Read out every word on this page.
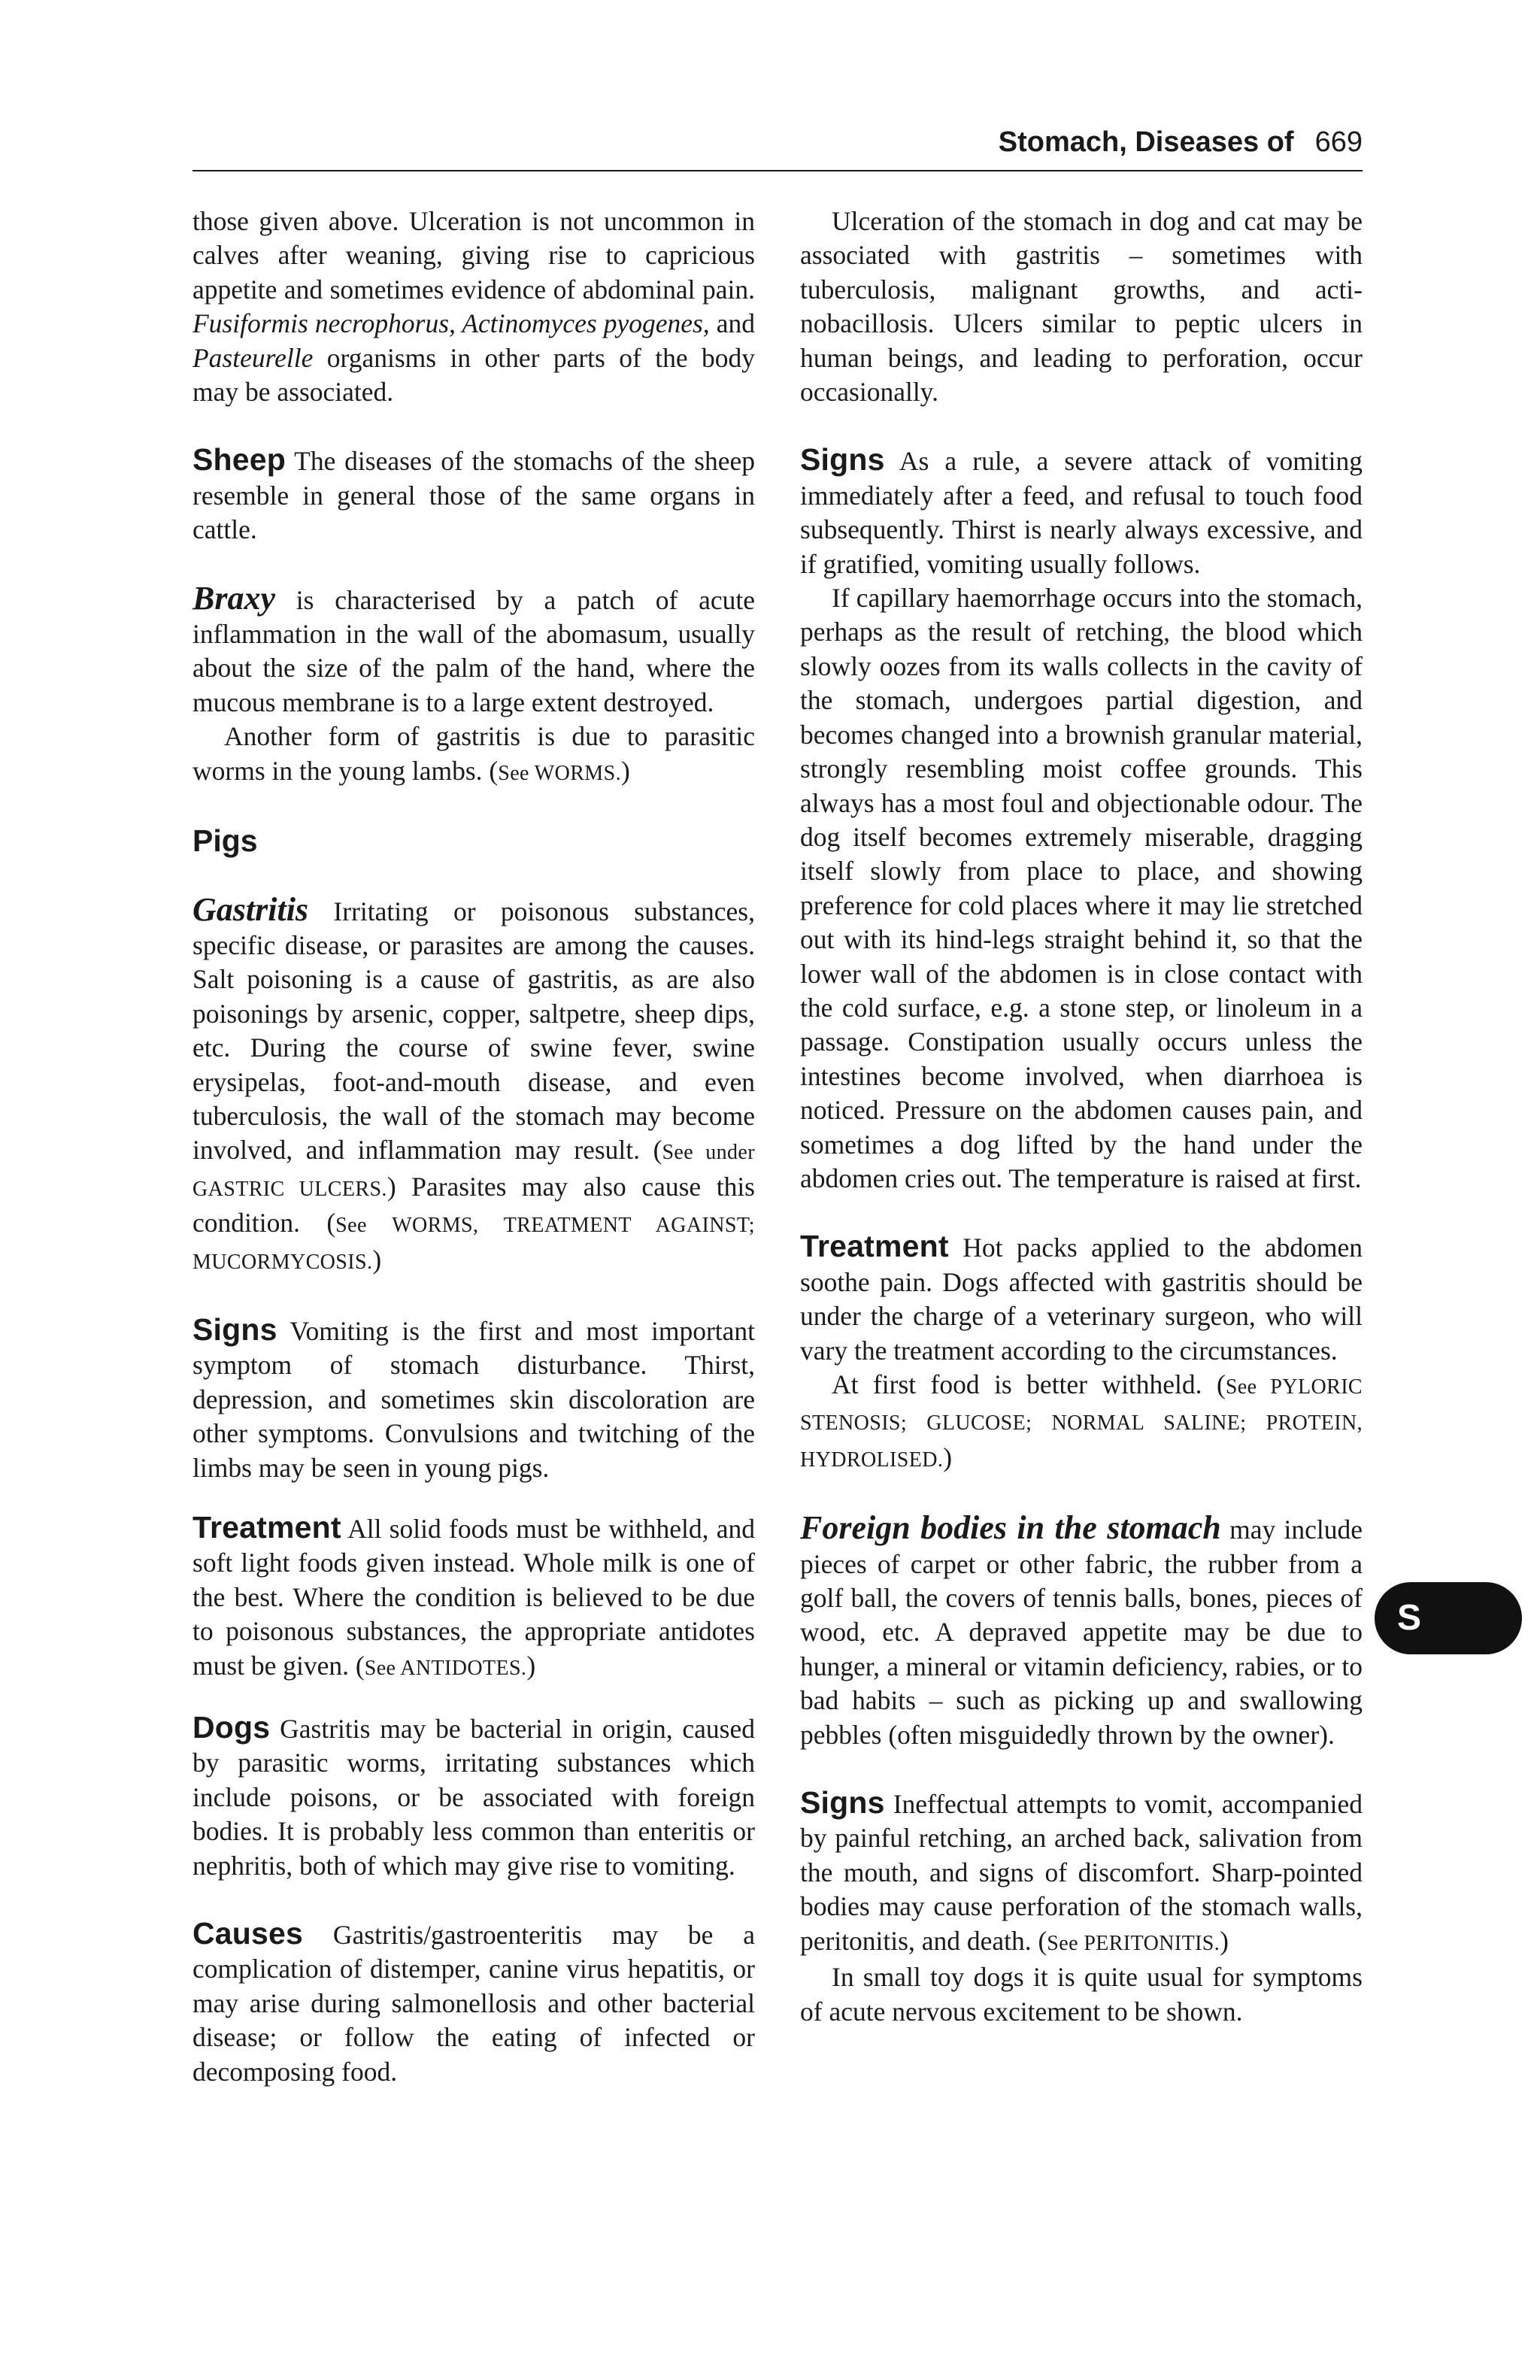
Stomach, Diseases of 669

those given above. Ulceration is not uncommon in calves after weaning, giving rise to capricious appetite and sometimes evidence of abdominal pain. Fusiformis necrophorus, Actinomyces pyogenes, and Pasteurelle organisms in other parts of the body may be associated.

Sheep The diseases of the stomachs of the sheep resemble in general those of the same organs in cattle.

Braxy is characterised by a patch of acute inflammation in the wall of the abomasum, usually about the size of the palm of the hand, where the mucous membrane is to a large extent destroyed.

Another form of gastritis is due to parasitic worms in the young lambs. (See WORMS.)

Pigs

Gastritis Irritating or poisonous substances, specific disease, or parasites are among the causes. Salt poisoning is a cause of gastritis, as are also poisonings by arsenic, copper, saltpetre, sheep dips, etc. During the course of swine fever, swine erysipelas, foot-and-mouth disease, and even tuberculosis, the wall of the stomach may become involved, and inflammation may result. (See under GASTRIC ULCERS.) Parasites may also cause this condition. (See WORMS, TREATMENT AGAINST; MUCORMYCOSIS.)

Signs Vomiting is the first and most important symptom of stomach disturbance. Thirst, depression, and sometimes skin discoloration are other symptoms. Convulsions and twitching of the limbs may be seen in young pigs.

Treatment All solid foods must be withheld, and soft light foods given instead. Whole milk is one of the best. Where the condition is believed to be due to poisonous substances, the appropriate antidotes must be given. (See ANTIDOTES.)

Dogs Gastritis may be bacterial in origin, caused by parasitic worms, irritating substances which include poisons, or be associated with foreign bodies. It is probably less common than enteritis or nephritis, both of which may give rise to vomiting.

Causes Gastritis/gastroenteritis may be a complication of distemper, canine virus hepatitis, or may arise during salmonellosis and other bacterial disease; or follow the eating of infected or decomposing food.

Ulceration of the stomach in dog and cat may be associated with gastritis – sometimes with tuberculosis, malignant growths, and actinobacillosis. Ulcers similar to peptic ulcers in human beings, and leading to perforation, occur occasionally.

Signs As a rule, a severe attack of vomiting immediately after a feed, and refusal to touch food subsequently. Thirst is nearly always excessive, and if gratified, vomiting usually follows.

If capillary haemorrhage occurs into the stomach, perhaps as the result of retching, the blood which slowly oozes from its walls collects in the cavity of the stomach, undergoes partial digestion, and becomes changed into a brownish granular material, strongly resembling moist coffee grounds. This always has a most foul and objectionable odour. The dog itself becomes extremely miserable, dragging itself slowly from place to place, and showing preference for cold places where it may lie stretched out with its hind-legs straight behind it, so that the lower wall of the abdomen is in close contact with the cold surface, e.g. a stone step, or linoleum in a passage. Constipation usually occurs unless the intestines become involved, when diarrhoea is noticed. Pressure on the abdomen causes pain, and sometimes a dog lifted by the hand under the abdomen cries out. The temperature is raised at first.

Treatment Hot packs applied to the abdomen soothe pain. Dogs affected with gastritis should be under the charge of a veterinary surgeon, who will vary the treatment according to the circumstances.

At first food is better withheld. (See PYLORIC STENOSIS; GLUCOSE; NORMAL SALINE; PROTEIN, HYDROLISED.)

Foreign bodies in the stomach may include pieces of carpet or other fabric, the rubber from a golf ball, the covers of tennis balls, bones, pieces of wood, etc. A depraved appetite may be due to hunger, a mineral or vitamin deficiency, rabies, or to bad habits – such as picking up and swallowing pebbles (often misguidedly thrown by the owner).

Signs Ineffectual attempts to vomit, accompanied by painful retching, an arched back, salivation from the mouth, and signs of discomfort. Sharp-pointed bodies may cause perforation of the stomach walls, peritonitis, and death. (See PERITONITIS.)

In small toy dogs it is quite usual for symptoms of acute nervous excitement to be shown.

S
